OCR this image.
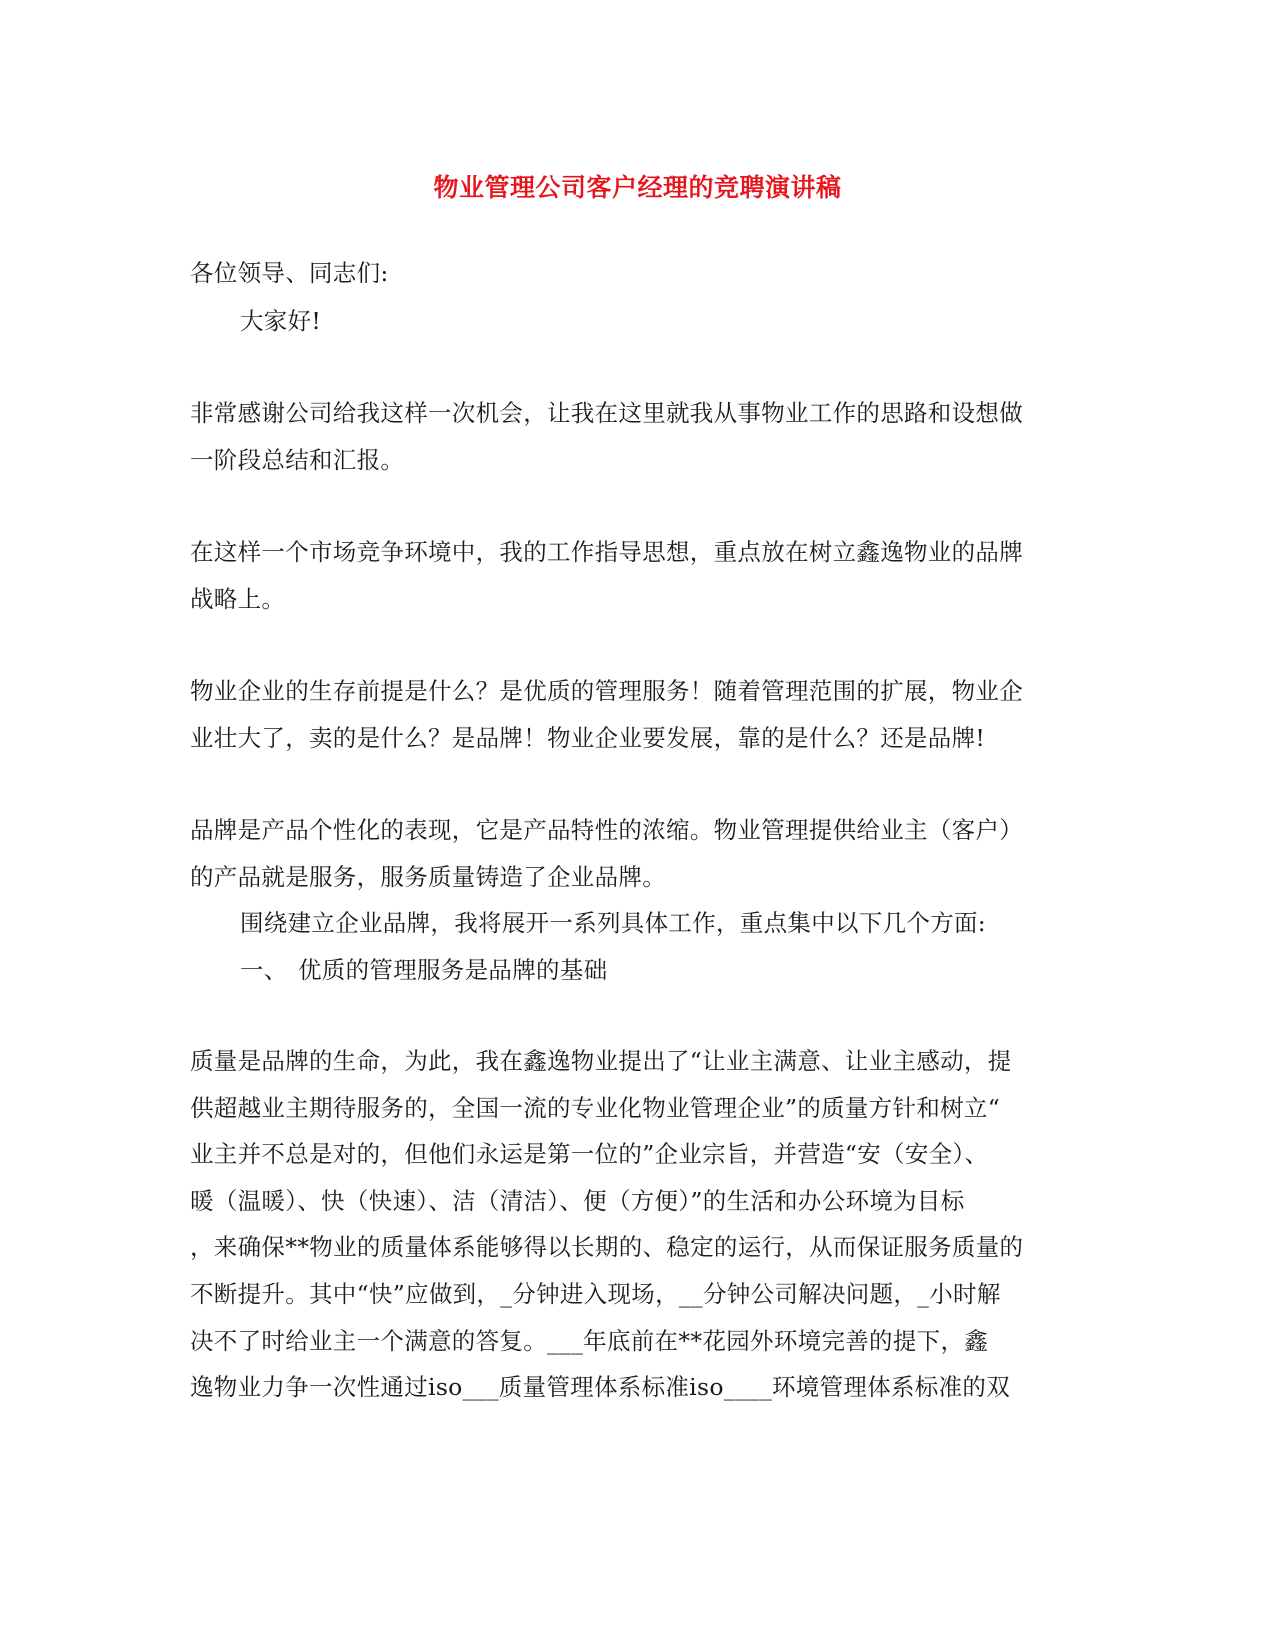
物业管理公司客户经理的竞聘演讲稿
各位领导、同志们:
大家好!
非常感谢公司给我这样一次机会，让我在这里就我从事物业工作的思路和设想做
一阶段总结和汇报。
在这样一个市场竞争环境中，我的工作指导思想，重点放在树立鑫逸物业的品牌
战略上。
物业企业的生存前提是什么？是优质的管理服务！随着管理范围的扩展，物业企
业壮大了，卖的是什么？是品牌！物业企业要发展，靠的是什么？还是品牌!
品牌是产品个性化的表现，它是产品特性的浓缩。物业管理提供给业主（客户）
的产品就是服务，服务质量铸造了企业品牌。
围绕建立企业品牌，我将展开一系列具体工作，重点集中以下几个方面:
一、 优质的管理服务是品牌的基础
质量是品牌的生命，为此，我在鑫逸物业提出了“让业主满意、让业主感动，提
供超越业主期待服务的，全国一流的专业化物业管理企业”的质量方针和树立“
业主并不总是对的，但他们永运是第一位的”企业宗旨，并营造“安（安全）、
暖（温暖）、快（快速）、洁（清洁）、便（方便）”的生活和办公环境为目标
，来确保**物业的质量体系能够得以长期的、稳定的运行，从而保证服务质量的
不断提升。其中“快”应做到，_分钟进入现场，__分钟公司解决问题，_小时解
决不了时给业主一个满意的答复。___年底前在**花园外环境完善的提下，鑫
逸物业力争一次性通过iso___质量管理体系标准iso____环境管理体系标准的双
